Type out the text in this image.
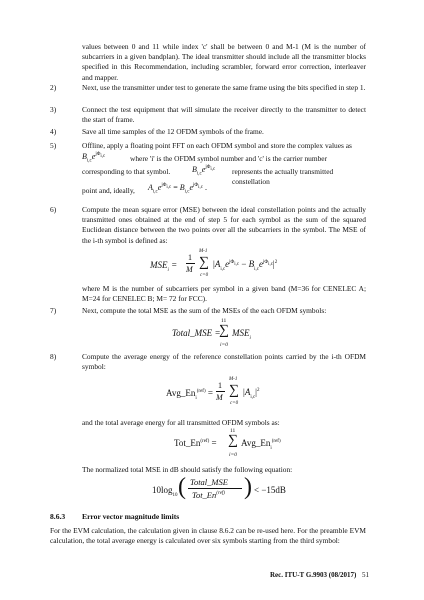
values between 0 and 11 while index 'c' shall be between 0 and M-1 (M is the number of subcarriers in a given bandplan). The ideal transmitter should include all the transmitter blocks specified in this Recommendation, including scrambler, forward error correction, interleaver and mapper.
2)	Next, use the transmitter under test to generate the same frame using the bits specified in step 1.
3)	Connect the test equipment that will simulate the receiver directly to the transmitter to detect the start of frame.
4)	Save all time samples of the 12 OFDM symbols of the frame.
5)	Offline, apply a floating point FFT on each OFDM symbol and store the complex values as
$B_{i,c}e^{j\Phi_{i,c}}$	where 'i' is the OFDM symbol number and 'c' is the carrier number
corresponding to that symbol.	$B_{i,c}e^{j\Phi_{i,c}}$ represents the actually transmitted constellation
point and, ideally,	$A_{i,c}e^{j\Phi_{i,c}} = B_{i,c}e^{j\Phi_{i,c}}$ .
6)	Compute the mean square error (MSE) between the ideal constellation points and the actually transmitted ones obtained at the end of step 5 for each symbol as the sum of the squared Euclidean distance between the two points over all the subcarriers in the symbol. The MSE of the i-th symbol is defined as:
$MSE_i$ =
1
M
M-1
∑
c=0
$|A_{i,c}e^{j\Phi_{i,c}} - B_{i,c}e^{j\Phi_{i,c}}|^2$
where M is the number of subcarriers per symbol in a given band (M=36 for CENELEC A; M=24 for CENELEC B; M= 72 for FCC).
7)	Next, compute the total MSE as the sum of the MSEs of the each OFDM symbols:
11
Total_MSE =
∑
i=0
$MSE_i$
8)	Compute the average energy of the reference constellation points carried by the i-th OFDM symbol:
$Avg\_En_i^{(ref)}$ =
1
M
M-1
∑
c=0
$|A_{i,c}|^2$
and the total average energy for all transmitted OFDM symbols as:
11
$Tot\_En^{(ref)}$ = ∑
i=0
$Avg\_En_i^{(ref)}$
The normalized total MSE in dB should satisfy the following equation:
$10\log_{10}$ ( Total_MSE
$Tot\_En^{(ref)}$ ) < −15dB
8.6.3 Error vector magnitude limits
For the EVM calculation, the calculation given in clause 8.6.2 can be re-used here. For the preamble EVM calculation, the total average energy is calculated over six symbols starting from the third symbol:
Rec. ITU-T G.9903 (08/2017) 51
